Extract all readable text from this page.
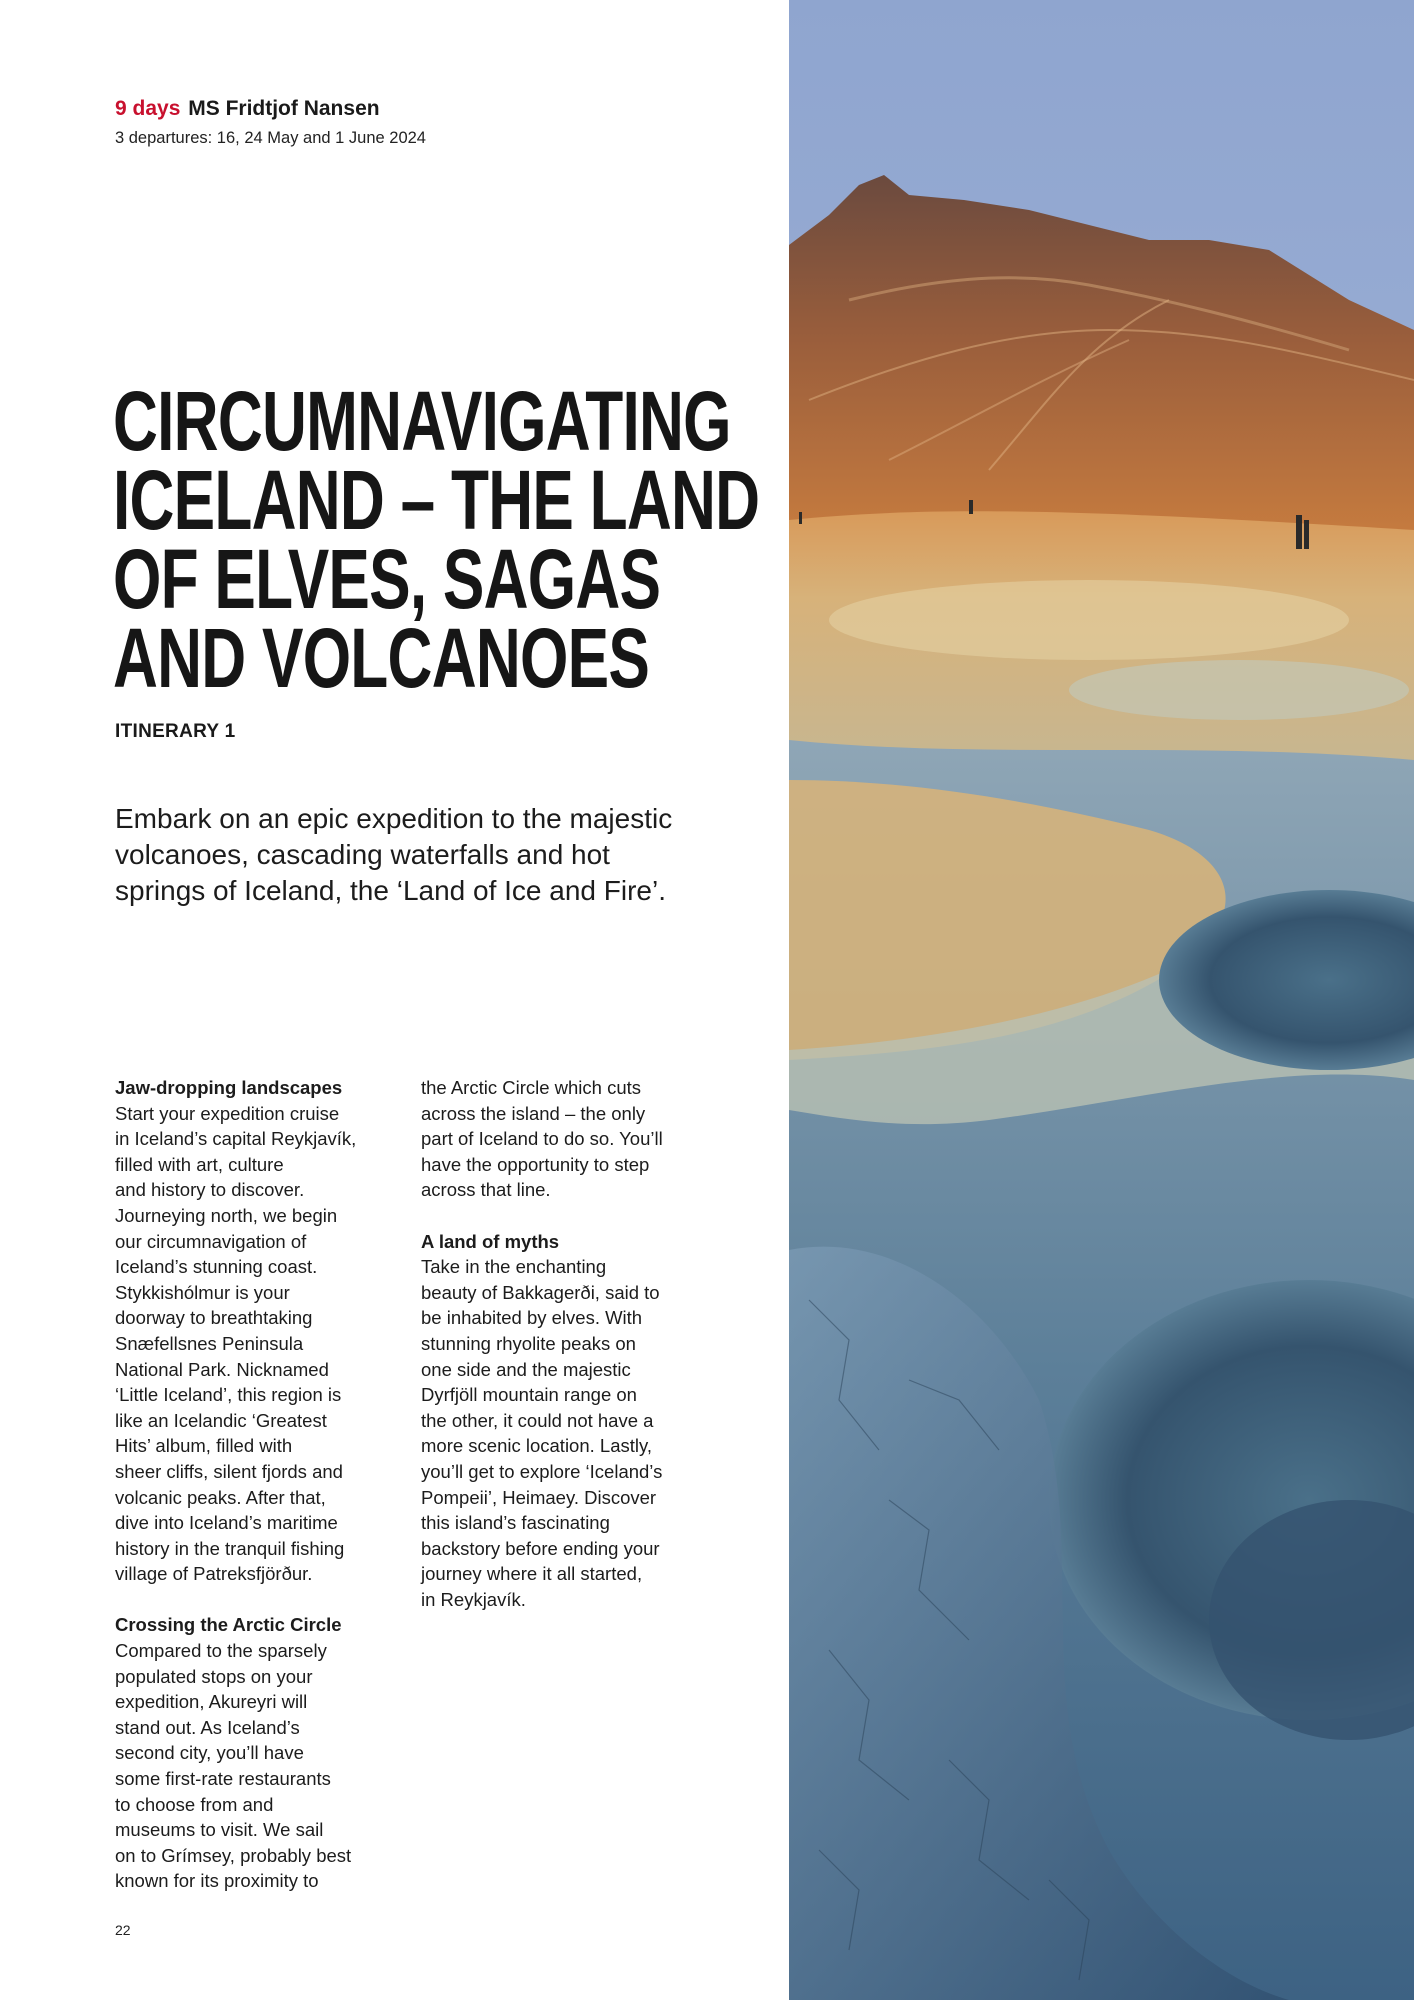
9 days MS Fridtjof Nansen
3 departures: 16, 24 May and 1 June 2024
CIRCUMNAVIGATING
ICELAND – THE LAND
OF ELVES, SAGAS
AND VOLCANOES
ITINERARY 1

Embark on an epic expedition to the majestic volcanoes, cascading waterfalls and hot springs of Iceland, the ‘Land of Ice and Fire’.

Jaw-dropping landscapes
Start your expedition cruise
in Iceland’s capital Reykjavík,
filled with art, culture
and history to discover.
Journeying north, we begin
our circumnavigation of
Iceland’s stunning coast.
Stykkishólmur is your
doorway to breathtaking
Snæfellsnes Peninsula
National Park. Nicknamed
‘Little Iceland’, this region is
like an Icelandic ‘Greatest
Hits’ album, filled with
sheer cliffs, silent fjords and
volcanic peaks. After that,
dive into Iceland’s maritime
history in the tranquil fishing
village of Patreksfjörður.
Crossing the Arctic Circle
Compared to the sparsely
populated stops on your
expedition, Akureyri will
stand out. As Iceland’s
second city, you’ll have
some first-rate restaurants
to choose from and
museums to visit. We sail
on to Grímsey, probably best
known for its proximity to
the Arctic Circle which cuts
across the island – the only
part of Iceland to do so. You’ll
have the opportunity to step
across that line.
A land of myths
Take in the enchanting
beauty of Bakkagerði, said to
be inhabited by elves. With
stunning rhyolite peaks on
one side and the majestic
Dyrfjöll mountain range on
the other, it could not have a
more scenic location. Lastly,
you’ll get to explore ‘Iceland’s
Pompeii’, Heimaey. Discover
this island’s fascinating
backstory before ending your
journey where it all started,
in Reykjavík.
22
